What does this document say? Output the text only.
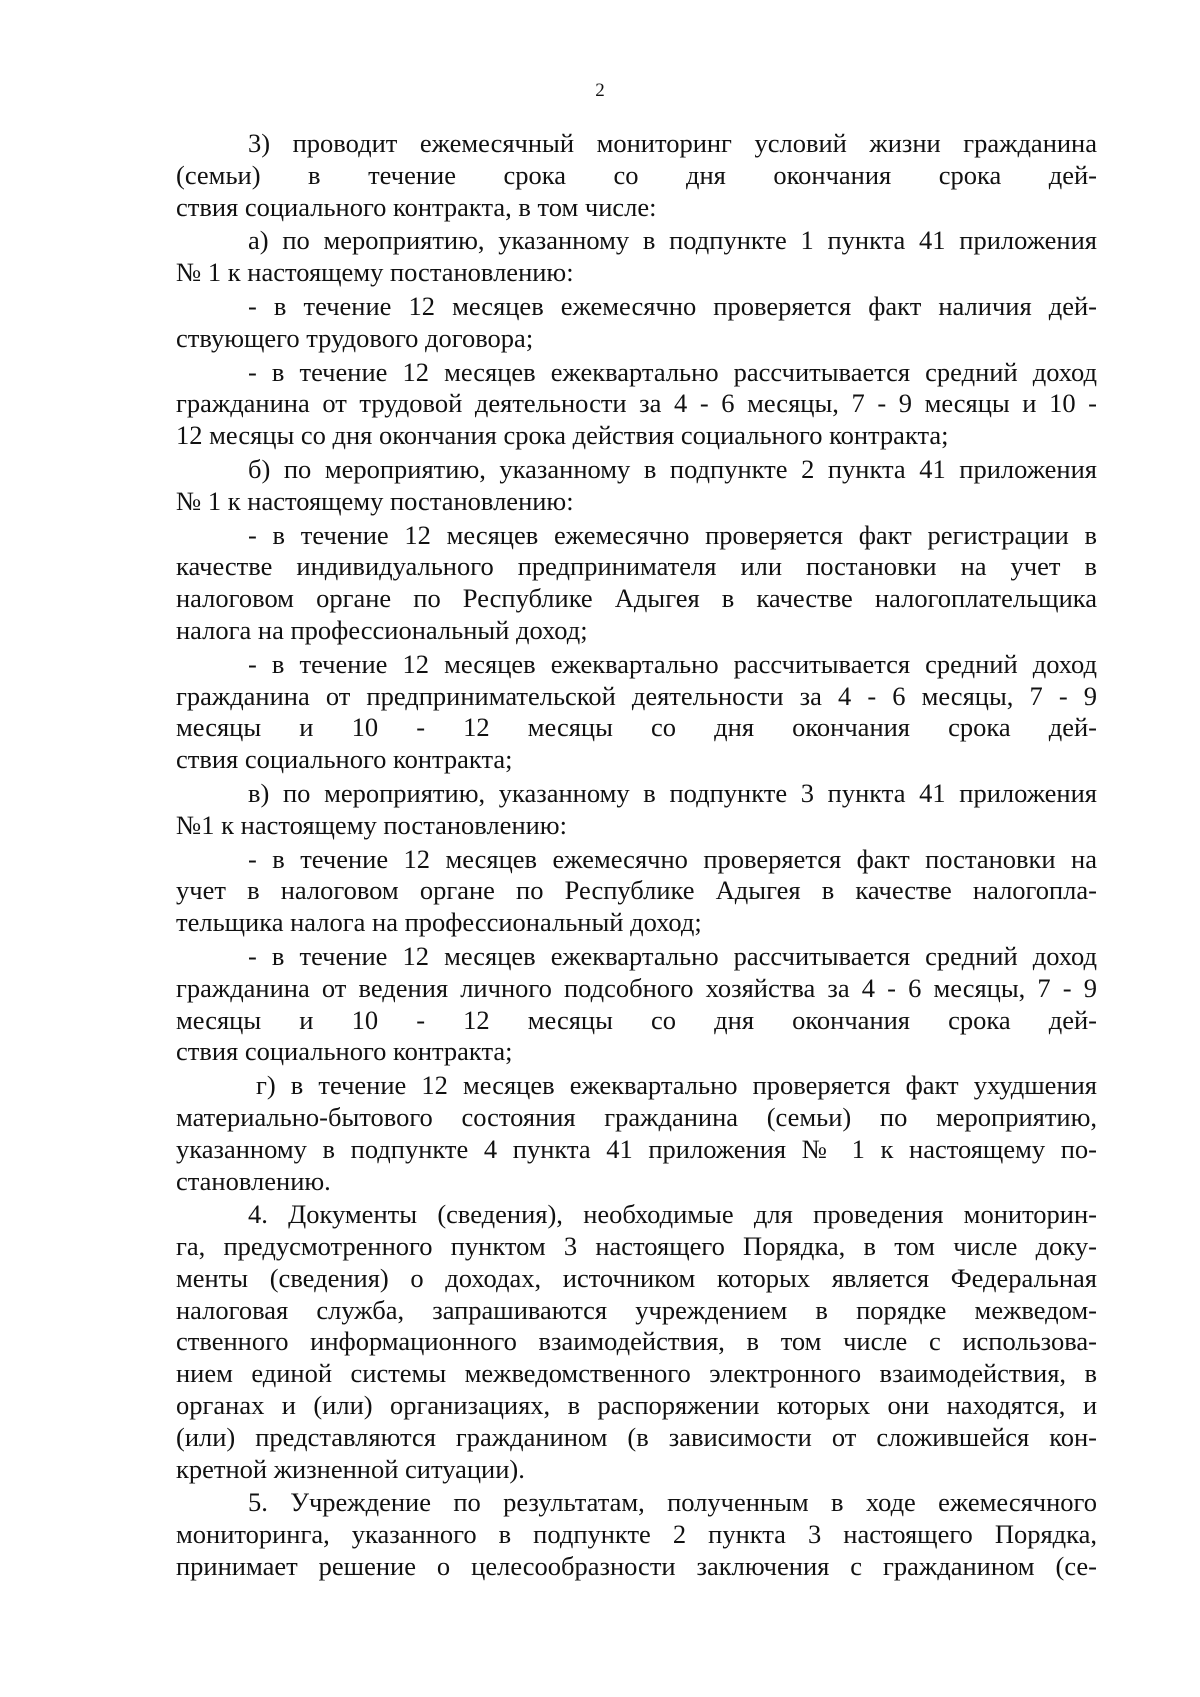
2
3) проводит ежемесячный мониторинг условий жизни гражданина
(семьи) в течение срока со дня окончания срока дей-
ствия социального контракта, в том числе:
а) по мероприятию, указанному в подпункте 1 пункта 41 приложения
№ 1 к настоящему постановлению:
- в течение 12 месяцев ежемесячно проверяется факт наличия дей-
ствующего трудового договора;
- в течение 12 месяцев ежеквартально рассчитывается средний доход
гражданина от трудовой деятельности за 4 - 6 месяцы, 7 - 9 месяцы и 10 -
12 месяцы со дня окончания срока действия социального контракта;
б) по мероприятию, указанному в подпункте 2 пункта 41 приложения
№ 1 к настоящему постановлению:
- в течение 12 месяцев ежемесячно проверяется факт регистрации в
качестве индивидуального предпринимателя или постановки на учет в
налоговом органе по Республике Адыгея в качестве налогоплательщика
налога на профессиональный доход;
- в течение 12 месяцев ежеквартально рассчитывается средний доход
гражданина от предпринимательской деятельности за 4 - 6 месяцы, 7 - 9
месяцы и 10 - 12 месяцы со дня окончания срока дей-
ствия социального контракта;
в) по мероприятию, указанному в подпункте 3 пункта 41 приложения
№1 к настоящему постановлению:
- в течение 12 месяцев ежемесячно проверяется факт постановки на
учет в налоговом органе по Республике Адыгея в качестве налогопла-
тельщика налога на профессиональный доход;
- в течение 12 месяцев ежеквартально рассчитывается средний доход
гражданина от ведения личного подсобного хозяйства за 4 - 6 месяцы, 7 - 9
месяцы и 10 - 12 месяцы со дня окончания срока дей-
ствия социального контракта;
г) в течение 12 месяцев ежеквартально проверяется факт ухудшения
материально-бытового состояния гражданина (семьи) по мероприятию,
указанному в подпункте 4 пункта 41 приложения № 1 к настоящему по-
становлению.
4. Документы (сведения), необходимые для проведения мониторин-
га, предусмотренного пунктом 3 настоящего Порядка, в том числе доку-
менты (сведения) о доходах, источником которых является Федеральная
налоговая служба, запрашиваются учреждением в порядке межведом-
ственного информационного взаимодействия, в том числе с использова-
нием единой системы межведомственного электронного взаимодействия, в
органах и (или) организациях, в распоряжении которых они находятся, и
(или) представляются гражданином (в зависимости от сложившейся кон-
кретной жизненной ситуации).
5. Учреждение по результатам, полученным в ходе ежемесячного
мониторинга, указанного в подпункте 2 пункта 3 настоящего Порядка,
принимает решение о целесообразности заключения с гражданином (се-
